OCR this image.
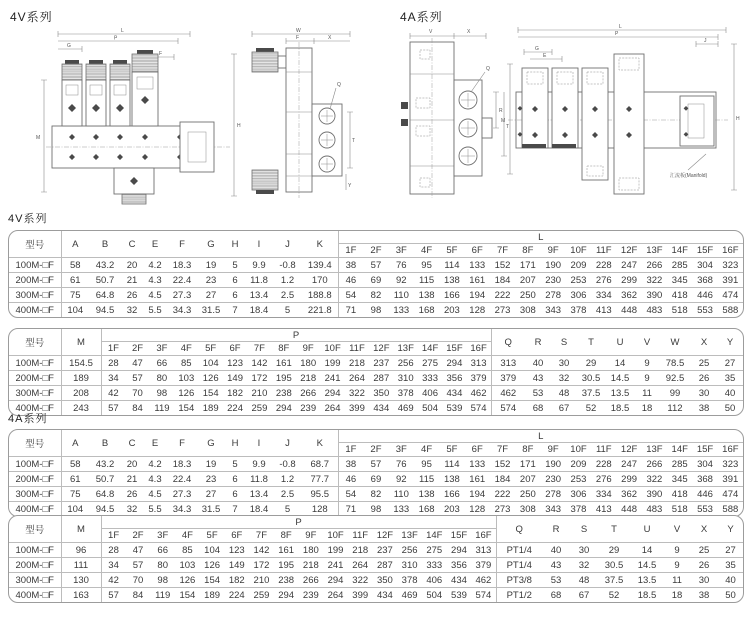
4V系列	4A系列
L
P
G
F
H
M
W
X
F
T
Y
Q
V	X
R
T
Q
L
P
J
G
E
M	H
汇流板(Manifold)
4V系列
型号	A	B	C	E	F	G	H	I	J	K	L															
											1F	2F	3F	4F	5F	6F	7F	8F	9F	10F	11F	12F	13F	14F	15F	16F
100M-□F	58	43.2	20	4.2	18.3	19	5	9.9	-0.8	139.4	38	57	76	95	114	133	152	171	190	209	228	247	266	285	304	323
200M-□F	61	50.7	21	4.3	22.4	23	6	11.8	1.2	170	46	69	92	115	138	161	184	207	230	253	276	299	322	345	368	391
300M-□F	75	64.8	26	4.5	27.3	27	6	13.4	2.5	188.8	54	82	110	138	166	194	222	250	278	306	334	362	390	418	446	474
400M-□F	104	94.5	32	5.5	34.3	31.5	7	18.4	5	221.8	71	98	133	168	203	128	273	308	343	378	413	448	483	518	553	588
型号	M	P																Q	R	S	T	U	V	W	X	Y
		1F	2F	3F	4F	5F	6F	7F	8F	9F	10F	11F	12F	13F	14F	15F	16F									
100M-□F	154.5	28	47	66	85	104	123	142	161	180	199	218	237	256	275	294	313	313	40	30	29	14	9	78.5	25	27
200M-□F	189	34	57	80	103	126	149	172	195	218	241	264	287	310	333	356	379	379	43	32	30.5	14.5	9	92.5	26	35
300M-□F	208	42	70	98	126	154	182	210	238	266	294	322	350	378	406	434	462	462	53	48	37.5	13.5	11	99	30	40
400M-□F	243	57	84	119	154	189	224	259	294	239	264	399	434	469	504	539	574	574	68	67	52	18.5	18	112	38	50
4A系列
型号	A	B	C	E	F	G	H	I	J	K	L															
											1F	2F	3F	4F	5F	6F	7F	8F	9F	10F	11F	12F	13F	14F	15F	16F
100M-□F	58	43.2	20	4.2	18.3	19	5	9.9	-0.8	68.7	38	57	76	95	114	133	152	171	190	209	228	247	266	285	304	323
200M-□F	61	50.7	21	4.3	22.4	23	6	11.8	1.2	77.7	46	69	92	115	138	161	184	207	230	253	276	299	322	345	368	391
300M-□F	75	64.8	26	4.5	27.3	27	6	13.4	2.5	95.5	54	82	110	138	166	194	222	250	278	306	334	362	390	418	446	474
400M-□F	104	94.5	32	5.5	34.3	31.5	7	18.4	5	128	71	98	133	168	203	128	273	308	343	378	413	448	483	518	553	588
型号	M	P																Q	R	S	T	U	V	X	Y
		1F	2F	3F	4F	5F	6F	7F	8F	9F	10F	11F	12F	13F	14F	15F	16F								
100M-□F	96	28	47	66	85	104	123	142	161	180	199	218	237	256	275	294	313	PT1/4	40	30	29	14	9	25	27
200M-□F	111	34	57	80	103	126	149	172	195	218	241	264	287	310	333	356	379	PT1/4	43	32	30.5	14.5	9	26	35
300M-□F	130	42	70	98	126	154	182	210	238	266	294	322	350	378	406	434	462	PT3/8	53	48	37.5	13.5	11	30	40
400M-□F	163	57	84	119	154	189	224	259	294	239	264	399	434	469	504	539	574	PT1/2	68	67	52	18.5	18	38	50
